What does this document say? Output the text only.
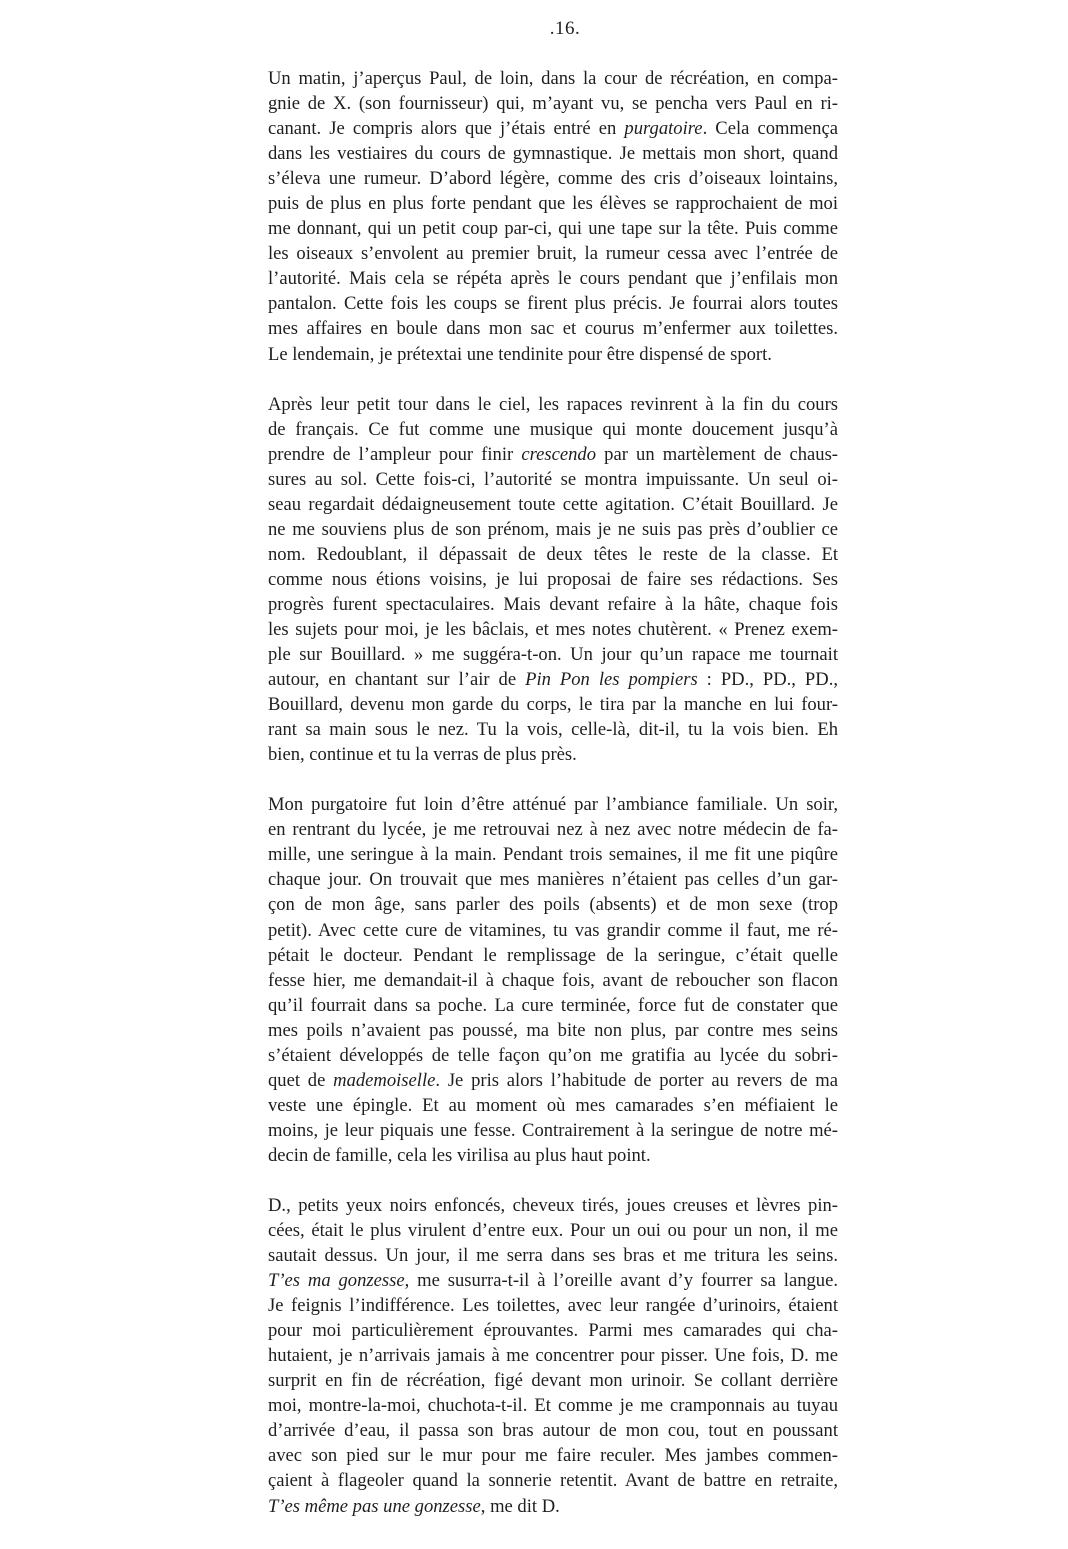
.16.
Un matin, j’aperçus Paul, de loin, dans la cour de récréation, en compa-
gnie de X. (son fournisseur) qui, m’ayant vu, se pencha vers Paul en ri-
canant. Je compris alors que j’étais entré en purgatoire. Cela commença
dans les vestiaires du cours de gymnastique. Je mettais mon short, quand
s’éleva une rumeur. D’abord légère, comme des cris d’oiseaux lointains,
puis de plus en plus forte pendant que les élèves se rapprochaient de moi
me donnant, qui un petit coup par-ci, qui une tape sur la tête. Puis comme
les oiseaux s’envolent au premier bruit, la rumeur cessa avec l’entrée de
l’autorité. Mais cela se répéta après le cours pendant que j’enfilais mon
pantalon. Cette fois les coups se firent plus précis. Je fourrai alors toutes
mes affaires en boule dans mon sac et courus m’enfermer aux toilettes.
Le lendemain, je prétextai une tendinite pour être dispensé de sport.
Après leur petit tour dans le ciel, les rapaces revinrent à la fin du cours
de français. Ce fut comme une musique qui monte doucement jusqu’à
prendre de l’ampleur pour finir crescendo par un martèlement de chaus-
sures au sol. Cette fois-ci, l’autorité se montra impuissante. Un seul oi-
seau regardait dédaigneusement toute cette agitation. C’était Bouillard. Je
ne me souviens plus de son prénom, mais je ne suis pas près d’oublier ce
nom. Redoublant, il dépassait de deux têtes le reste de la classe. Et
comme nous étions voisins, je lui proposai de faire ses rédactions. Ses
progrès furent spectaculaires. Mais devant refaire à la hâte, chaque fois
les sujets pour moi, je les bâclais, et mes notes chutèrent. « Prenez exem-
ple sur Bouillard. » me suggéra-t-on. Un jour qu’un rapace me tournait
autour, en chantant sur l’air de Pin Pon les pompiers : PD., PD., PD.,
Bouillard, devenu mon garde du corps, le tira par la manche en lui four-
rant sa main sous le nez. Tu la vois, celle-là, dit-il, tu la vois bien. Eh
bien, continue et tu la verras de plus près.
Mon purgatoire fut loin d’être atténué par l’ambiance familiale. Un soir,
en rentrant du lycée, je me retrouvai nez à nez avec notre médecin de fa-
mille, une seringue à la main. Pendant trois semaines, il me fit une piqûre
chaque jour. On trouvait que mes manières n’étaient pas celles d’un gar-
çon de mon âge, sans parler des poils (absents) et de mon sexe (trop
petit). Avec cette cure de vitamines, tu vas grandir comme il faut, me ré-
pétait le docteur. Pendant le remplissage de la seringue, c’était quelle
fesse hier, me demandait-il à chaque fois, avant de reboucher son flacon
qu’il fourrait dans sa poche. La cure terminée, force fut de constater que
mes poils n’avaient pas poussé, ma bite non plus, par contre mes seins
s’étaient développés de telle façon qu’on me gratifia au lycée du sobri-
quet de mademoiselle. Je pris alors l’habitude de porter au revers de ma
veste une épingle. Et au moment où mes camarades s’en méfiaient le
moins, je leur piquais une fesse. Contrairement à la seringue de notre mé-
decin de famille, cela les virilisa au plus haut point.
D., petits yeux noirs enfoncés, cheveux tirés, joues creuses et lèvres pin-
cées, était le plus virulent d’entre eux. Pour un oui ou pour un non, il me
sautait dessus. Un jour, il me serra dans ses bras et me tritura les seins.
T’es ma gonzesse, me susurra-t-il à l’oreille avant d’y fourrer sa langue.
Je feignis l’indifférence. Les toilettes, avec leur rangée d’urinoirs, étaient
pour moi particulièrement éprouvantes. Parmi mes camarades qui cha-
hutaient, je n’arrivais jamais à me concentrer pour pisser. Une fois, D. me
surprit en fin de récréation, figé devant mon urinoir. Se collant derrière
moi, montre-la-moi, chuchota-t-il. Et comme je me cramponnais au tuyau
d’arrivée d’eau, il passa son bras autour de mon cou, tout en poussant
avec son pied sur le mur pour me faire reculer. Mes jambes commen-
çaient à flageoler quand la sonnerie retentit. Avant de battre en retraite,
T’es même pas une gonzesse, me dit D.
